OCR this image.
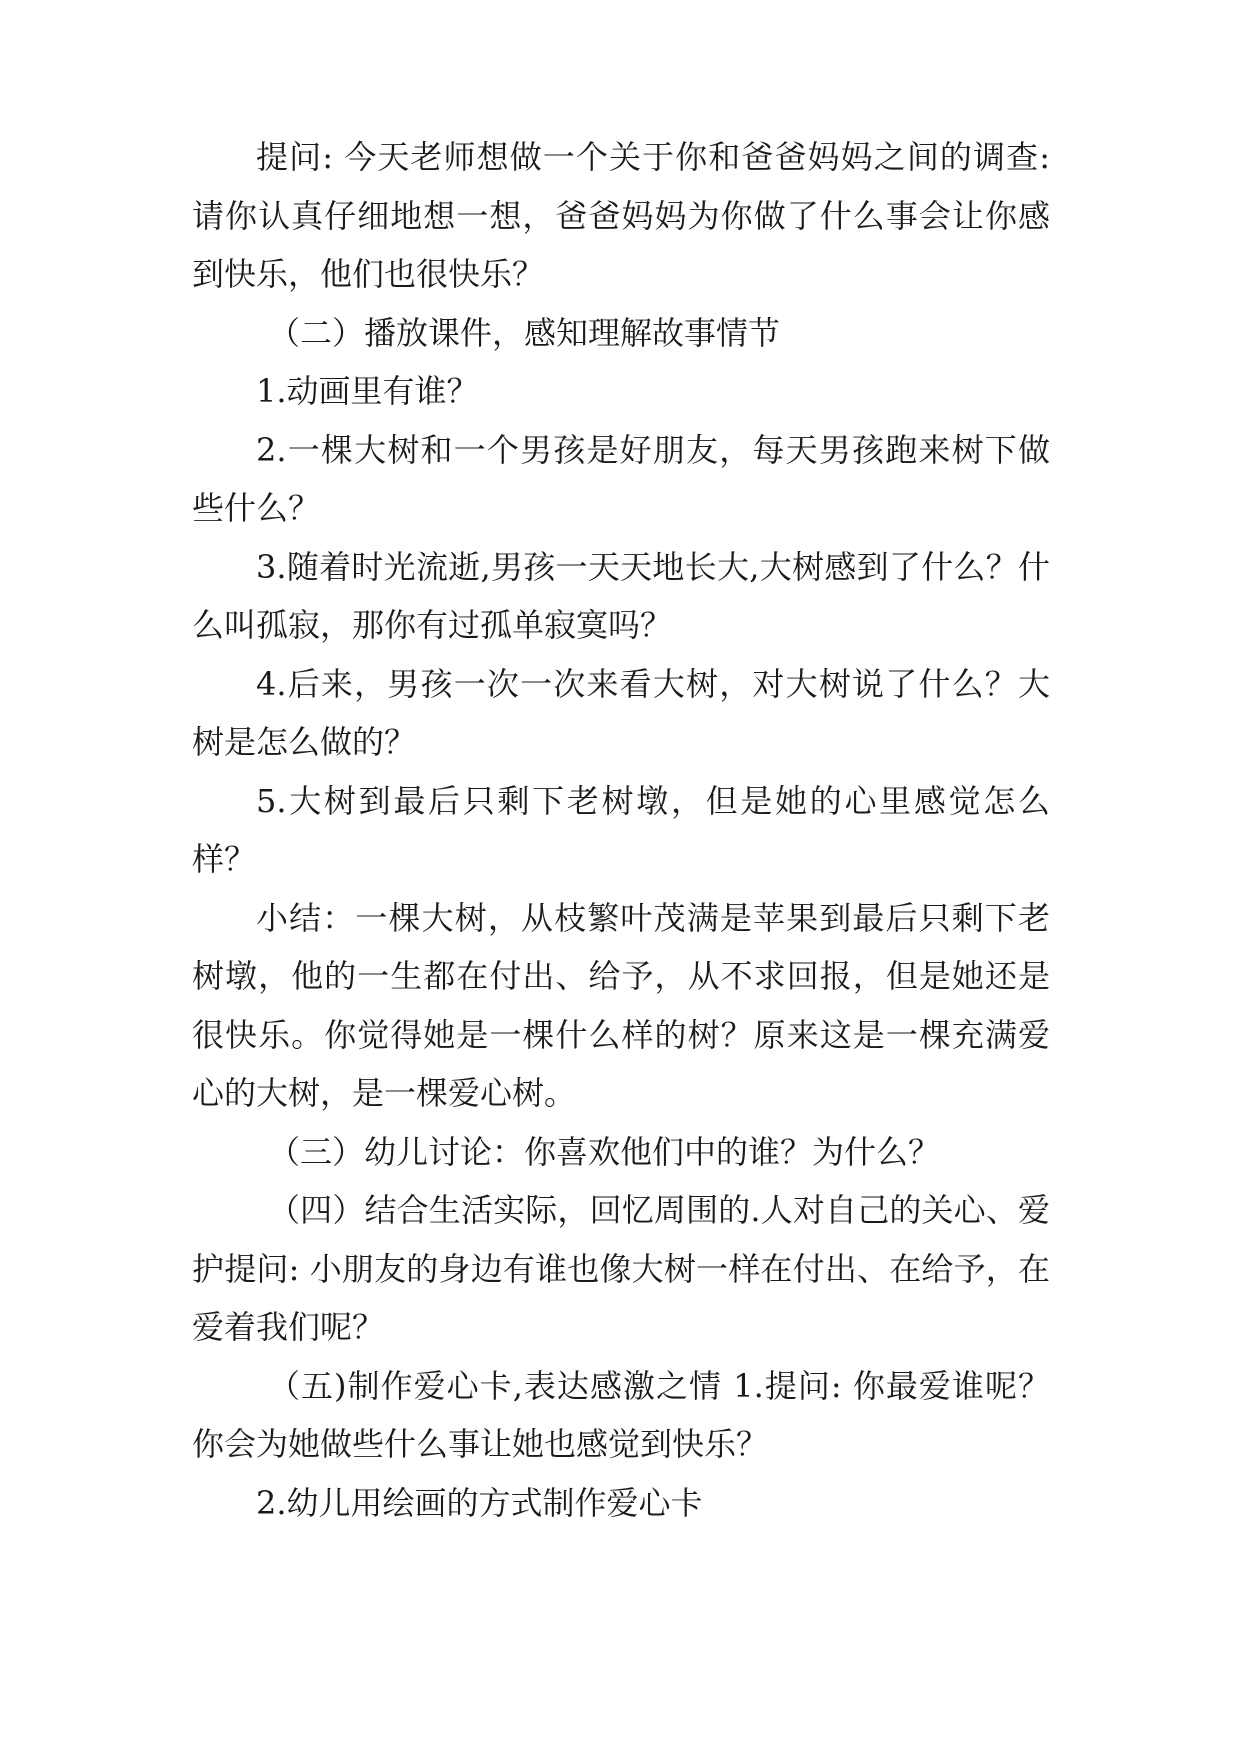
提问: 今天老师想做一个关于你和爸爸妈妈之间的调查: 请你认真仔细地想一想，爸爸妈妈为你做了什么事会让你感到快乐，他们也很快乐？

（二）播放课件，感知理解故事情节

1.动画里有谁？

2.一棵大树和一个男孩是好朋友，每天男孩跑来树下做些什么？

3.随着时光流逝,男孩一天天地长大,大树感到了什么？什么叫孤寂，那你有过孤单寂寞吗？

4.后来，男孩一次一次来看大树，对大树说了什么？大树是怎么做的？

5.大树到最后只剩下老树墩，但是她的心里感觉怎么样？

小结：一棵大树，从枝繁叶茂满是苹果到最后只剩下老树墩，他的一生都在付出、给予，从不求回报，但是她还是很快乐。你觉得她是一棵什么样的树？原来这是一棵充满爱心的大树，是一棵爱心树。

（三）幼儿讨论：你喜欢他们中的谁？为什么？

（四）结合生活实际，回忆周围的.人对自己的关心、爱护提问: 小朋友的身边有谁也像大树一样在付出、在给予，在爱着我们呢？

（五)制作爱心卡,表达感激之情 1.提问: 你最爱谁呢？你会为她做些什么事让她也感觉到快乐？

2.幼儿用绘画的方式制作爱心卡
